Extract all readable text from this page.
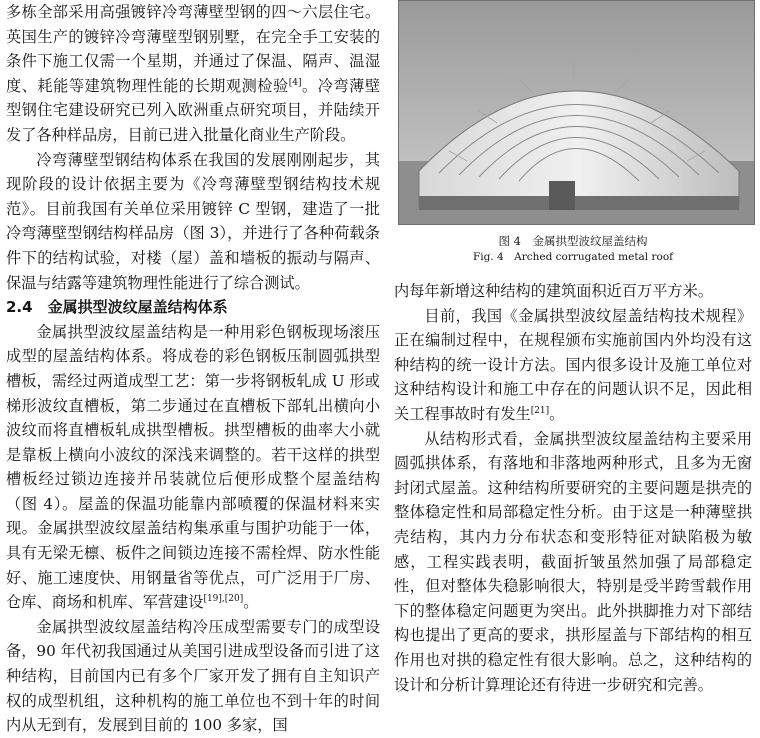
多栋全部采用高强镀锌冷弯薄壁型钢的四～六层住宅。英国生产的镀锌冷弯薄壁型钢别墅，在完全手工安装的条件下施工仅需一个星期，并通过了保温、隔声、温湿度、耗能等建筑物理性能的长期观测检验[4]。冷弯薄壁型钢住宅建设研究已列入欧洲重点研究项目，并陆续开发了各种样品房，目前已进入批量化商业生产阶段。

冷弯薄壁型钢结构体系在我国的发展刚刚起步，其现阶段的设计依据主要为《冷弯薄壁型钢结构技术规范》。目前我国有关单位采用镀锌 C 型钢，建造了一批冷弯薄壁型钢结构样品房（图 3），并进行了各种荷载条件下的结构试验，对楼（屋）盖和墙板的振动与隔声、保温与结露等建筑物理性能进行了综合测试。

2.4　 金属拱型波纹屋盖结构体系

金属拱型波纹屋盖结构是一种用彩色钢板现场滚压成型的屋盖结构体系。将成卷的彩色钢板压制圆弧拱型槽板，需经过两道成型工艺：第一步将钢板轧成 U 形或梯形波纹直槽板，第二步通过在直槽板下部轧出横向小波纹而将直槽板轧成拱型槽板。拱型槽板的曲率大小就是靠板上横向小波纹的深浅来调整的。若干这样的拱型槽板经过锁边连接并吊装就位后便形成整个屋盖结构（图 4）。屋盖的保温功能靠内部喷覆的保温材料来实现。金属拱型波纹屋盖结构集承重与围护功能于一体，具有无梁无檩、板件之间锁边连接不需栓焊、防水性能好、施工速度快、用钢量省等优点，可广泛用于厂房、仓库、商场和机库、军营建设[19],[20]。

金属拱型波纹屋盖结构冷压成型需要专门的成型设备，90 年代初我国通过从美国引进成型设备而引进了这种结构，目前国内已有多个厂家开发了拥有自主知识产权的成型机组，这种机构的施工单位也不到十年的时间内从无到有，发展到目前的 100 多家，国

图 4　金属拱型波纹屋盖结构

Fig. 4　Arched corrugated metal roof

内每年新增这种结构的建筑面积近百万平方米。

目前，我国《金属拱型波纹屋盖结构技术规程》正在编制过程中，在规程颁布实施前国内外均没有这种结构的统一设计方法。国内很多设计及施工单位对这种结构设计和施工中存在的问题认识不足，因此相关工程事故时有发生[21]。

从结构形式看，金属拱型波纹屋盖结构主要采用圆弧拱体系，有落地和非落地两种形式，且多为无窗封闭式屋盖。这种结构所要研究的主要问题是拱壳的整体稳定性和局部稳定性分析。由于这是一种薄壁拱壳结构，其内力分布状态和变形特征对缺陷极为敏感，工程实践表明，截面折皱虽然加强了局部稳定性，但对整体失稳影响很大，特别是受半跨雪载作用下的整体稳定问题更为突出。此外拱脚推力对下部结构也提出了更高的要求，拱形屋盖与下部结构的相互作用也对拱的稳定性有很大影响。总之，这种结构的设计和分析计算理论还有待进一步研究和完善。
